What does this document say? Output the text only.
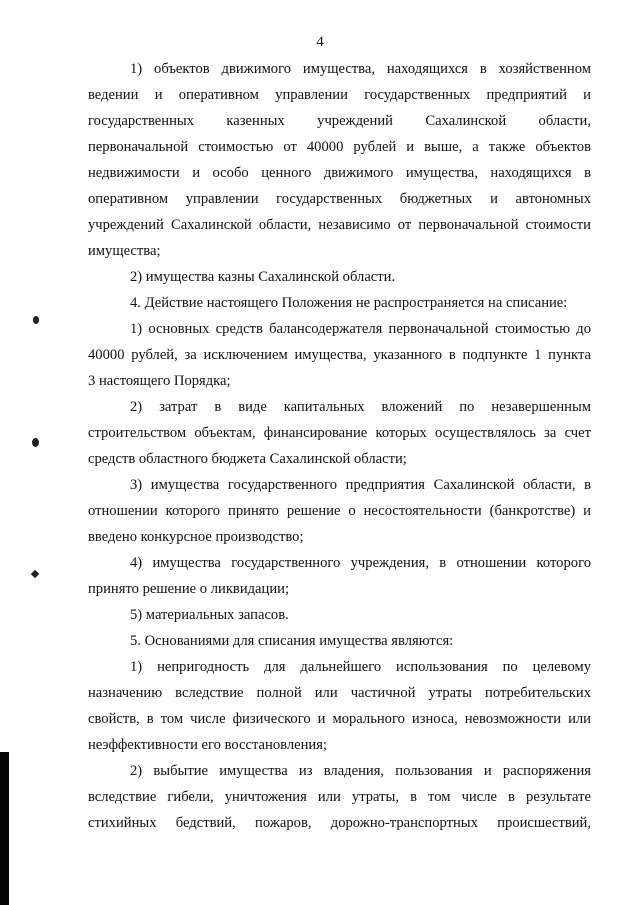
4
1) объектов движимого имущества, находящихся в хозяйственном
ведении и оперативном управлении государственных предприятий и
государственных казенных учреждений Сахалинской области,
первоначальной стоимостью от 40000 рублей и выше, а также объектов
недвижимости и особо ценного движимого имущества, находящихся в
оперативном управлении государственных бюджетных и автономных
учреждений Сахалинской области, независимо от первоначальной стоимости
имущества;
2) имущества казны Сахалинской области.
4. Действие настоящего Положения не распространяется на списание:
1) основных средств балансодержателя первоначальной стоимостью до
40000 рублей, за исключением имущества, указанного в подпункте 1 пункта
3 настоящего Порядка;
2) затрат в виде капитальных вложений по незавершенным
строительством объектам, финансирование которых осуществлялось за счет
средств областного бюджета Сахалинской области;
3) имущества государственного предприятия Сахалинской области, в
отношении которого принято решение о несостоятельности (банкротстве) и
введено конкурсное производство;
4) имущества государственного учреждения, в отношении которого
принято решение о ликвидации;
5) материальных запасов.
5. Основаниями для списания имущества являются:
1) непригодность для дальнейшего использования по целевому
назначению вследствие полной или частичной утраты потребительских
свойств, в том числе физического и морального износа, невозможности или
неэффективности его восстановления;
2) выбытие имущества из владения, пользования и распоряжения
вследствие гибели, уничтожения или утраты, в том числе в результате
стихийных бедствий, пожаров, дорожно-транспортных происшествий,
